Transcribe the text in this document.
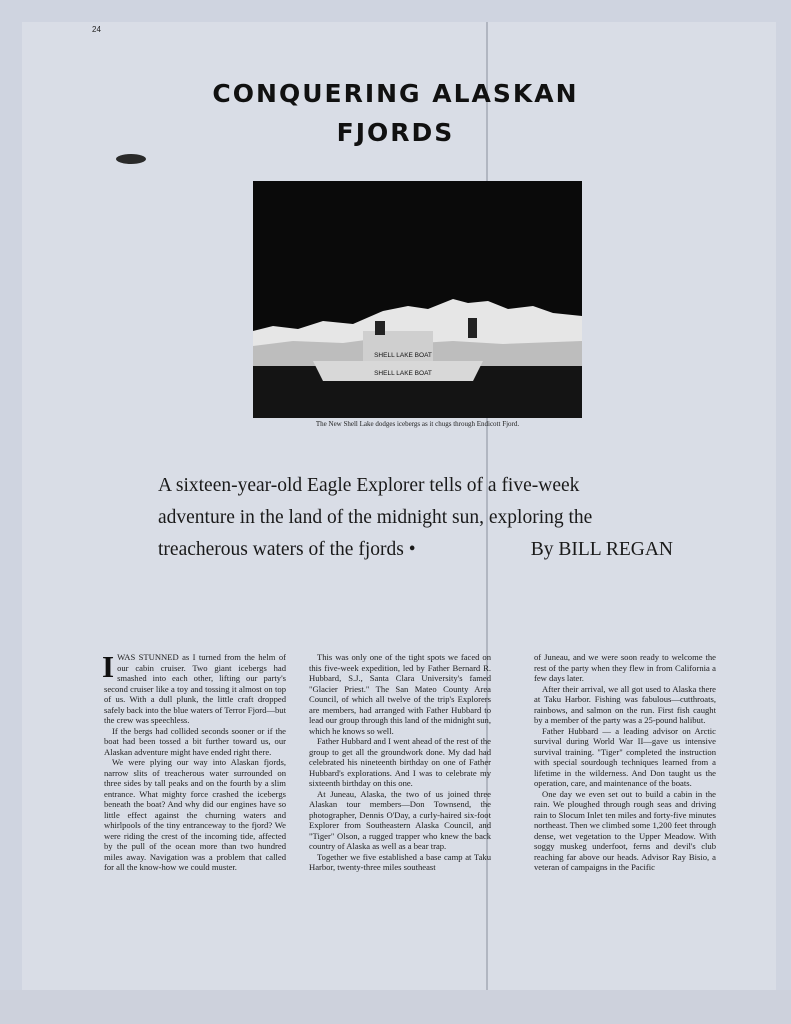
24
CONQUERING ALASKAN
FJORDS
SHELL LAKE BOAT
SHELL LAKE BOAT
The New Shell Lake dodges icebergs as it chugs through Endicott Fjord.
A sixteen-year-old Eagle Explorer tells of a five-week
adventure in the land of the midnight sun, exploring the
treacherous waters of the fjords •	By BILL REGAN
I WAS STUNNED as I turned from the helm of our cabin cruiser. Two giant icebergs had smashed into each other, lifting our party's second cruiser like a toy and tossing it almost on top of us. With a dull plunk, the little craft dropped safely back into the blue waters of Terror Fjord—but the crew was speechless.

If the bergs had collided seconds sooner or if the boat had been tossed a bit further toward us, our Alaskan adventure might have ended right there.

We were plying our way into Alaskan fjords, narrow slits of treacherous water surrounded on three sides by tall peaks and on the fourth by a slim entrance. What mighty force crashed the icebergs beneath the boat? And why did our engines have so little effect against the churning waters and whirlpools of the tiny entranceway to the fjord? We were riding the crest of the incoming tide, affected by the pull of the ocean more than two hundred miles away. Navigation was a problem that called for all the know-how we could muster.

This was only one of the tight spots we faced on this five-week expedition, led by Father Bernard R. Hubbard, S.J., Santa Clara University's famed "Glacier Priest." The San Mateo County Area Council, of which all twelve of the trip's Explorers are members, had arranged with Father Hubbard to lead our group through this land of the midnight sun, which he knows so well.

Father Hubbard and I went ahead of the rest of the group to get all the groundwork done. My dad had celebrated his nineteenth birthday on one of Father Hubbard's explorations. And I was to celebrate my sixteenth birthday on this one.

At Juneau, Alaska, the two of us joined three Alaskan tour members—Don Townsend, the photographer, Dennis O'Day, a curly-haired six-foot Explorer from Southeastern Alaska Council, and "Tiger" Olson, a rugged trapper who knew the back country of Alaska as well as a bear trap.

Together we five established a base camp at Taku Harbor, twenty-three miles southeast

of Juneau, and we were soon ready to welcome the rest of the party when they flew in from California a few days later.

After their arrival, we all got used to Alaska there at Taku Harbor. Fishing was fabulous—cutthroats, rainbows, and salmon on the run. First fish caught by a member of the party was a 25-pound halibut.

Father Hubbard — a leading advisor on Arctic survival during World War II—gave us intensive survival training. "Tiger" completed the instruction with special sourdough techniques learned from a lifetime in the wilderness. And Don taught us the operation, care, and maintenance of the boats.

One day we even set out to build a cabin in the rain. We ploughed through rough seas and driving rain to Slocum Inlet ten miles and forty-five minutes northeast. Then we climbed some 1,200 feet through dense, wet vegetation to the Upper Meadow. With soggy muskeg underfoot, ferns and devil's club reaching far above our heads. Advisor Ray Bisio, a veteran of campaigns in the Pacific
